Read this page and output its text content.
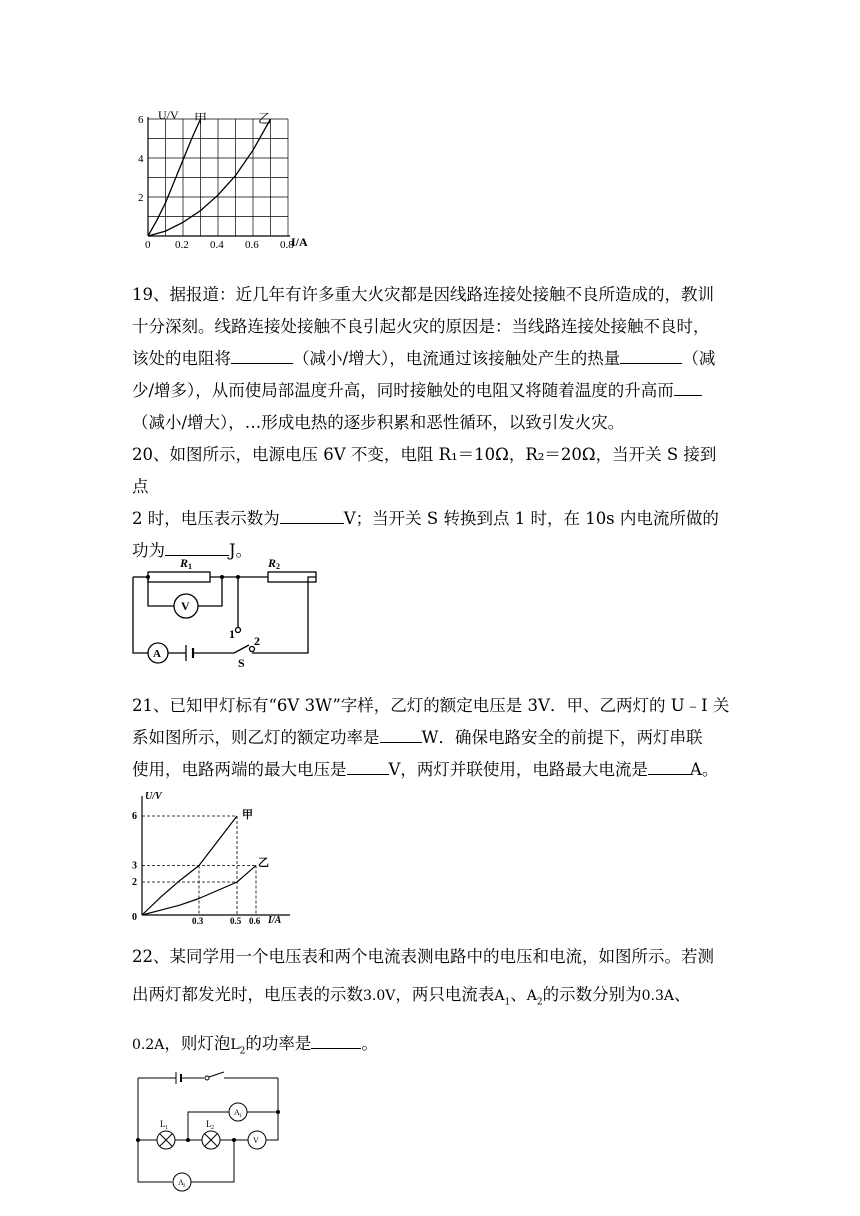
0 0.2 0.4 0.6 0.8
2
4
6 U/V
I/A
甲	乙

19、据报道：近几年有许多重大火灾都是因线路连接处接触不良所造成的，教训

十分深刻。线路连接处接触不良引起火灾的原因是：当线路连接处接触不良时，

该处的电阻将	（减小/增大），电流通过该接触处产生的热量	（减

少/增多），从而使局部温度升高，同时接触处的电阻又将随着温度的升高而

（减小/增大），…形成电热的逐步积累和恶性循环，以致引发火灾。

20、如图所示，电源电压 6V 不变，电阻 R₁＝10Ω，R₂＝20Ω，当开关 S 接到点

2 时，电压表示数为	V；当开关 S 转换到点 1 时，在 10s 内电流所做的

功为	J。

R 1	R 2
V
A
S
1 2

21、已知甲灯标有“6V 3W”字样，乙灯的额定电压是 3V．甲、乙两灯的 U﹣I 关

系如图所示，则乙灯的额定功率是	W．确保电路安全的前提下，两灯串联

使用，电路两端的最大电压是	V，两灯并联使用，电路最大电流是	A。

0.3	0.5 0.6
2
3
6
0
U/V
I/A
甲
乙

22、某同学用一个电压表和两个电流表测电路中的电压和电流，如图所示。若测

出两灯都发光时，电压表的示数3.0V，两只电流表$A_1$、$A_2$的示数分别为0.3A、

0.2A，则灯泡$L_2$的功率是	。

L 1	L 2
A 1
A 2
V
